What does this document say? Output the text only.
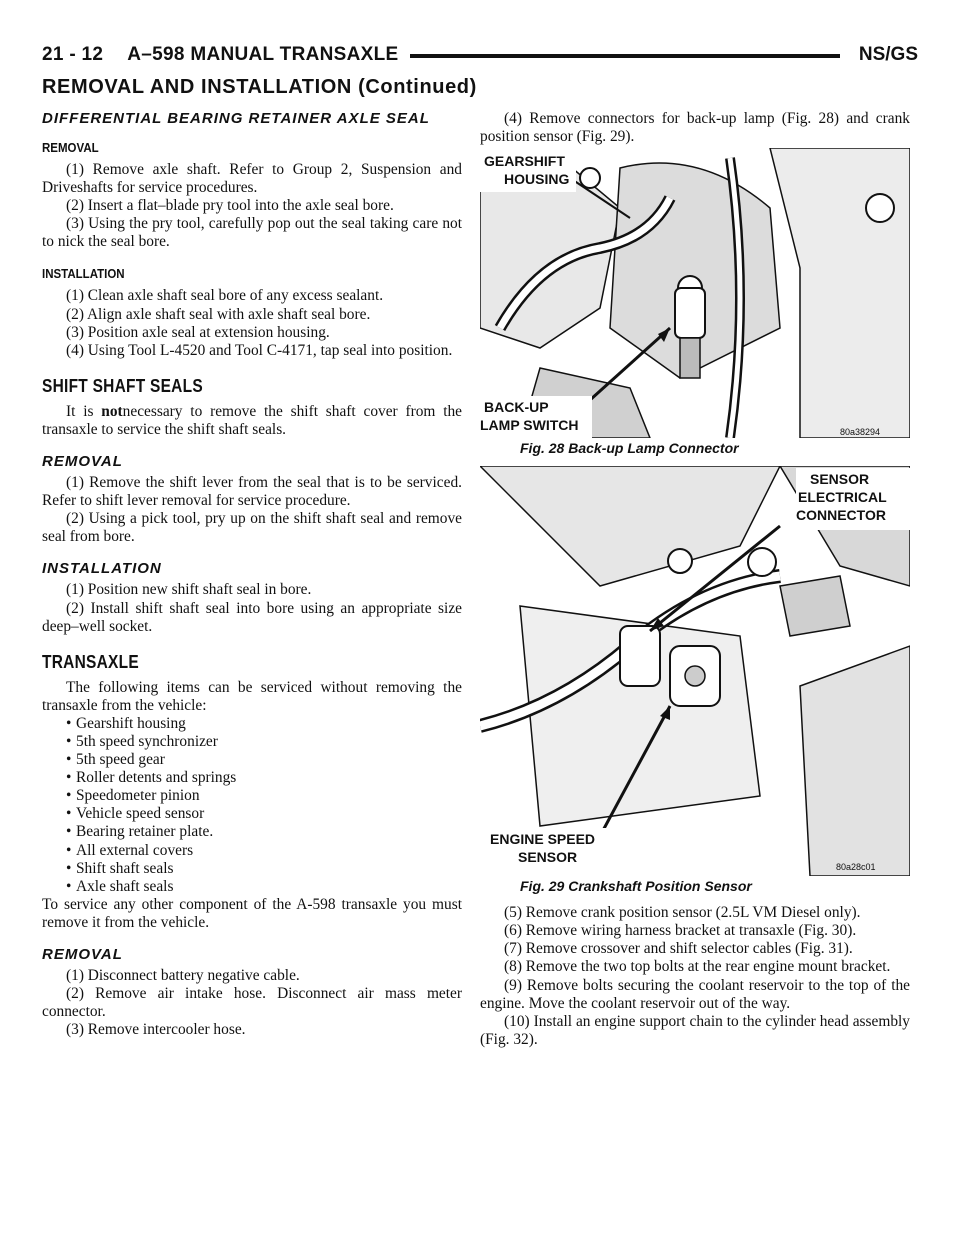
21 - 12 A–598 MANUAL TRANSAXLE	NS/GS
REMOVAL AND INSTALLATION (Continued)
DIFFERENTIAL BEARING RETAINER AXLE SEAL
REMOVAL

(1) Remove axle shaft. Refer to Group 2, Suspension and Driveshafts for service procedures.

(2) Insert a flat–blade pry tool into the axle seal bore.

(3) Using the pry tool, carefully pop out the seal taking care not to nick the seal bore.

INSTALLATION

(1) Clean axle shaft seal bore of any excess sealant.

(2) Align axle shaft seal with axle shaft seal bore.

(3) Position axle seal at extension housing.

(4) Using Tool L-4520 and Tool C-4171, tap seal into position.

SHIFT SHAFT SEALS

It is notnecessary to remove the shift shaft cover from the transaxle to service the shift shaft seals.

REMOVAL

(1) Remove the shift lever from the seal that is to be serviced. Refer to shift lever removal for service procedure.

(2) Using a pick tool, pry up on the shift shaft seal and remove seal from bore.

INSTALLATION

(1) Position new shift shaft seal in bore.

(2) Install shift shaft seal into bore using an appropriate size deep–well socket.

TRANSAXLE

The following items can be serviced without removing the transaxle from the vehicle:

• Gearshift housing
• 5th speed synchronizer
• 5th speed gear
• Roller detents and springs
• Speedometer pinion
• Vehicle speed sensor
• Bearing retainer plate.
• All external covers
• Shift shaft seals
• Axle shaft seals

To service any other component of the A-598 transaxle you must remove it from the vehicle.

REMOVAL

(1) Disconnect battery negative cable.

(2) Remove air intake hose. Disconnect air mass meter connector.

(3) Remove intercooler hose.

(4) Remove connectors for back-up lamp (Fig. 28) and crank position sensor (Fig. 29).

GEARSHIFT
HOUSING
BACK-UP
LAMP SWITCH	80a38294
Fig. 28 Back-up Lamp Connector
SENSOR
ELECTRICAL
CONNECTOR
ENGINE SPEED
SENSOR
80a28c01
Fig. 29 Crankshaft Position Sensor

(5) Remove crank position sensor (2.5L VM Diesel only).

(6) Remove wiring harness bracket at transaxle (Fig. 30).

(7) Remove crossover and shift selector cables (Fig. 31).

(8) Remove the two top bolts at the rear engine mount bracket.

(9) Remove bolts securing the coolant reservoir to the top of the engine. Move the coolant reservoir out of the way.

(10) Install an engine support chain to the cylinder head assembly (Fig. 32).
